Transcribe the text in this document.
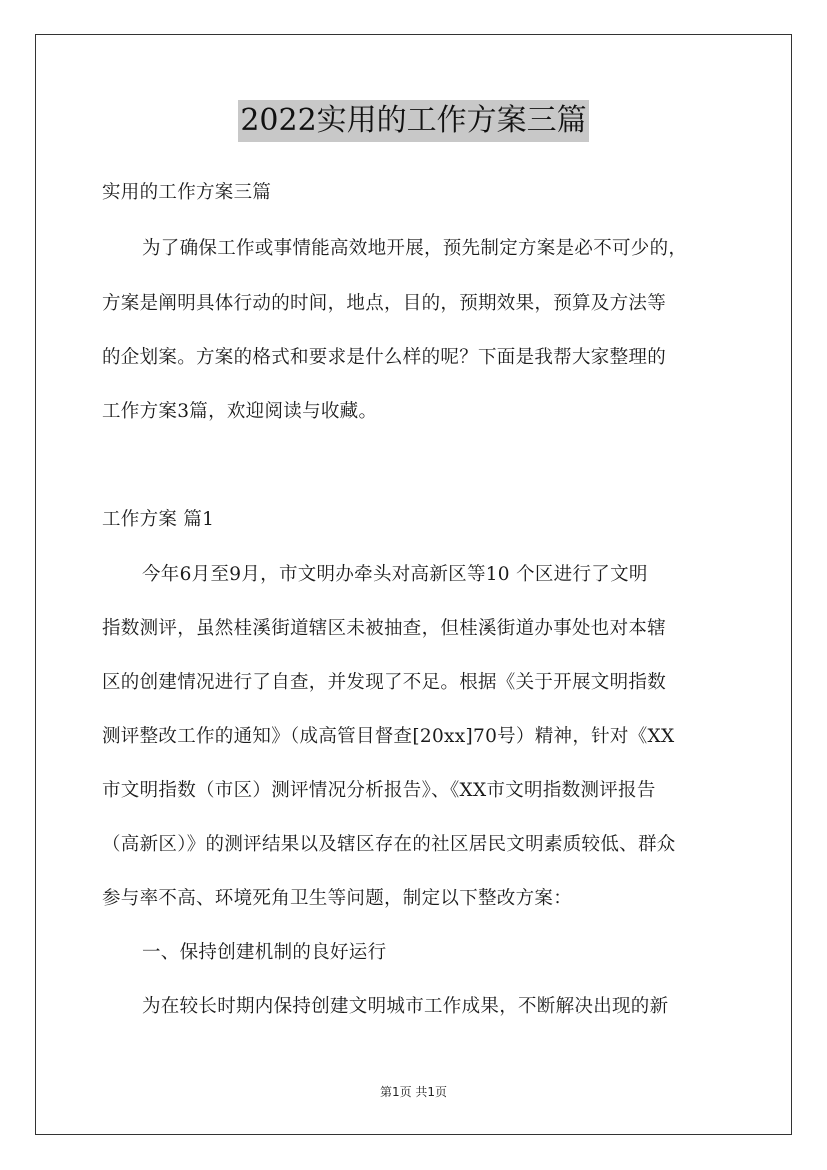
2022实用的工作方案三篇
实用的工作方案三篇
为了确保工作或事情能高效地开展，预先制定方案是必不可少的，
方案是阐明具体行动的时间，地点，目的，预期效果，预算及方法等
的企划案。方案的格式和要求是什么样的呢？下面是我帮大家整理的
工作方案3篇，欢迎阅读与收藏。
工作方案 篇1
今年6月至9月，市文明办牵头对高新区等10 个区进行了文明
指数测评，虽然桂溪街道辖区未被抽查，但桂溪街道办事处也对本辖
区的创建情况进行了自查，并发现了不足。根据《关于开展文明指数
测评整改工作的通知》（成高管目督查[20xx]70号）精神，针对《XX
市文明指数（市区）测评情况分析报告》、《XX市文明指数测评报告
（高新区）》的测评结果以及辖区存在的社区居民文明素质较低、群众
参与率不高、环境死角卫生等问题，制定以下整改方案：
一、保持创建机制的良好运行
为在较长时期内保持创建文明城市工作成果，不断解决出现的新
第1页 共1页
